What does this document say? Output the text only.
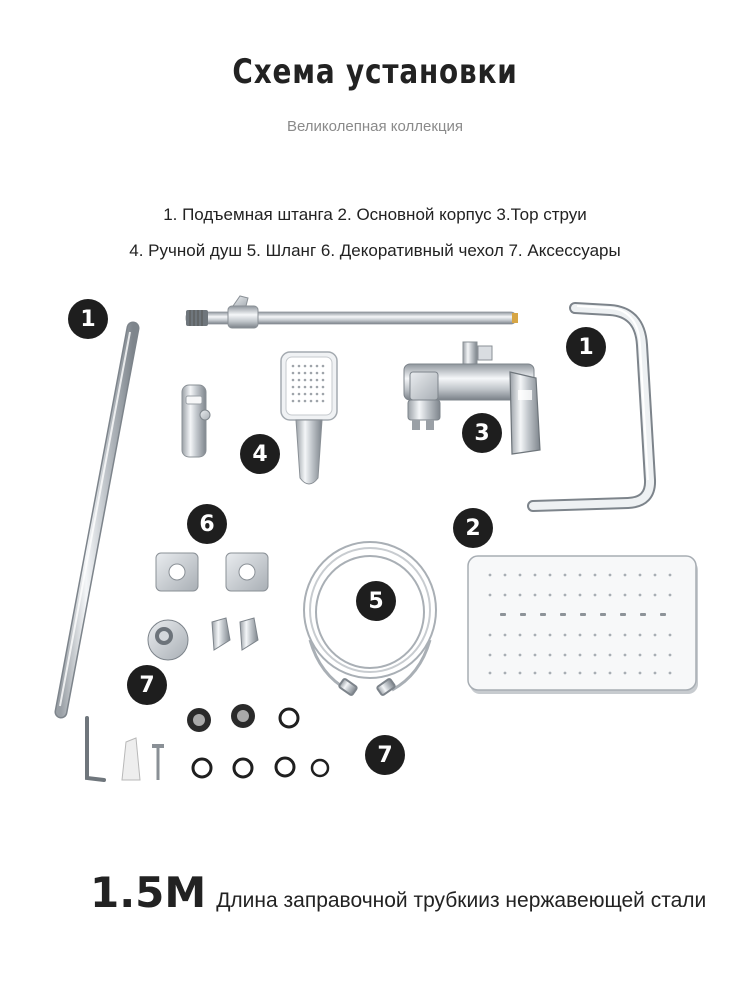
Схема установки
Великолепная коллекция
1. Подъемная штанга 2. Основной корпус 3.Тор струи
4. Ручной душ 5. Шланг 6. Декоративный чехол 7. Аксессуары
1
1
3
4
6	2
5
7
7
1.5M Длина заправочной трубкииз нержавеющей стали
